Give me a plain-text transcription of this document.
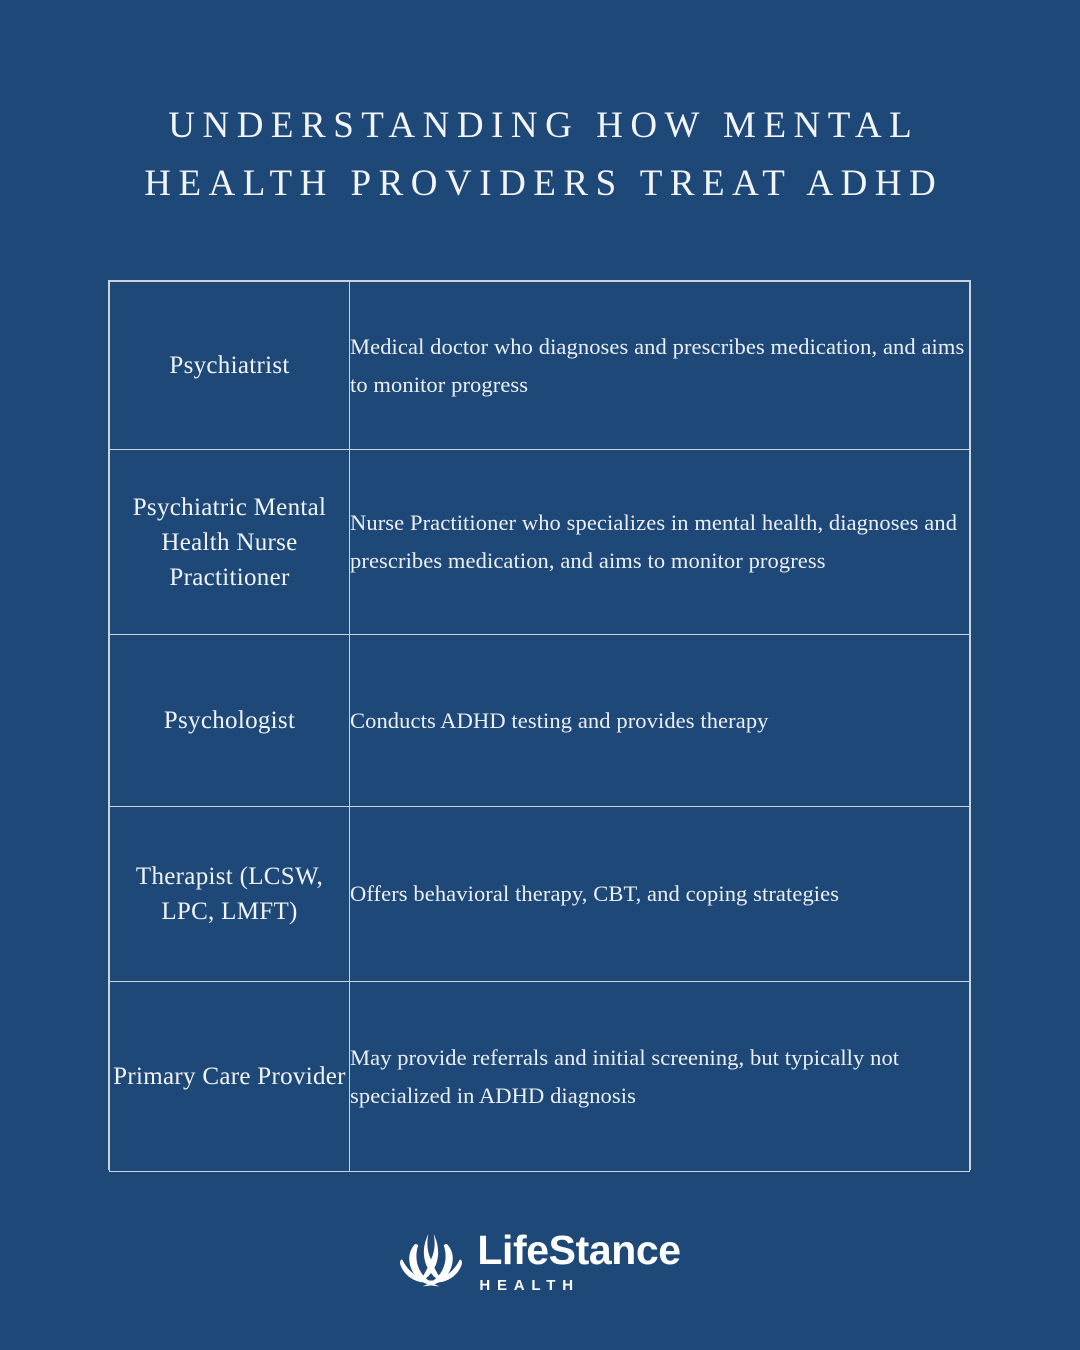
UNDERSTANDING HOW MENTAL
HEALTH PROVIDERS TREAT ADHD
Psychiatrist	Medical doctor who diagnoses and prescribes medication, and aims to monitor progress

Psychiatric Mental Health Nurse Practitioner	Nurse Practitioner who specializes in mental health, diagnoses and prescribes medication, and aims to monitor progress

Psychologist	Conducts ADHD testing and provides therapy

Therapist (LCSW, LPC, LMFT)	Offers behavioral therapy, CBT, and coping strategies

Primary Care Provider	May provide referrals and initial screening, but typically not specialized in ADHD diagnosis
LifeStance
HEALTH
